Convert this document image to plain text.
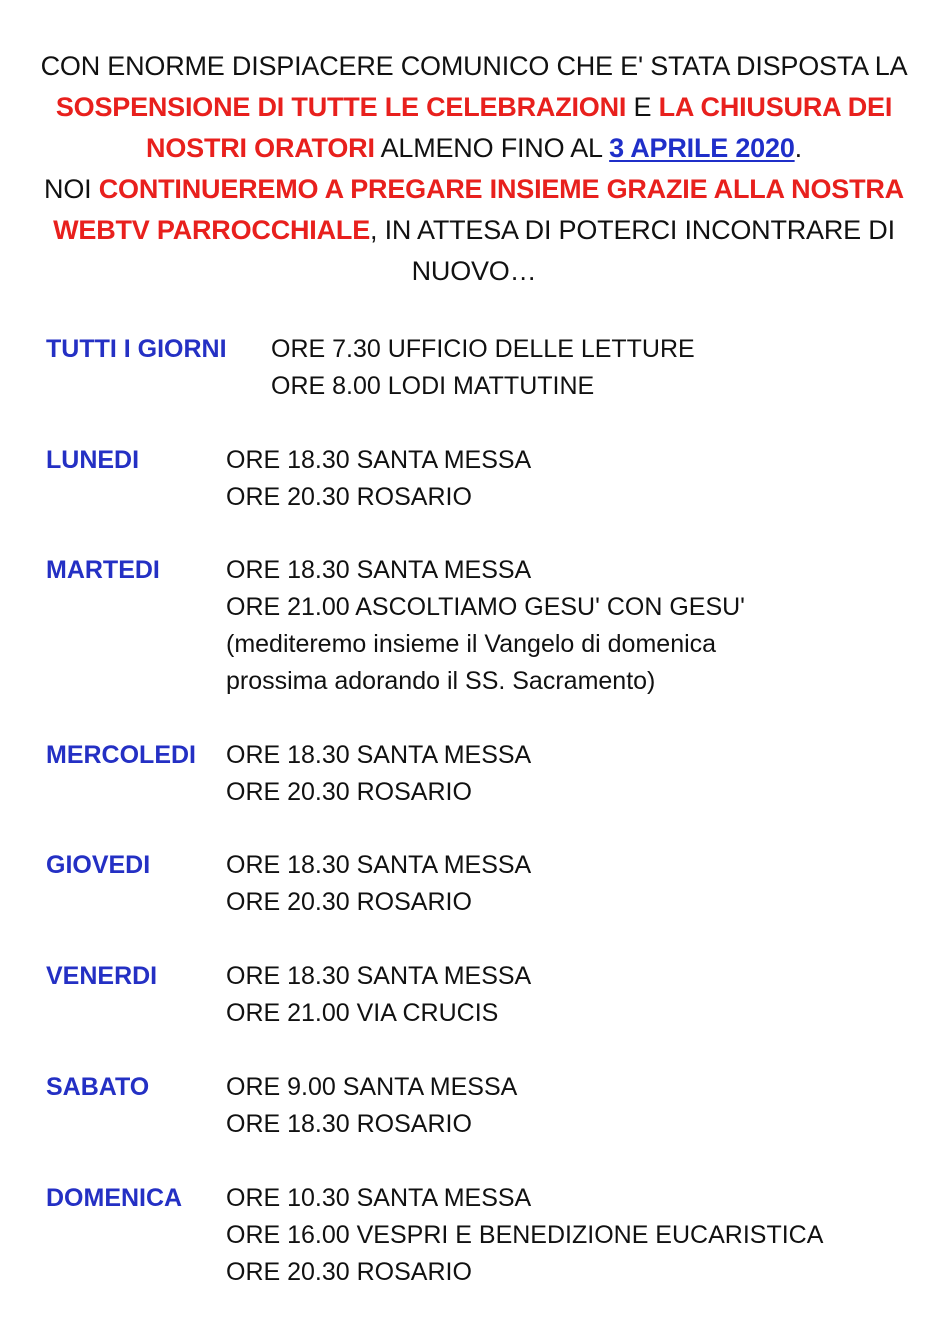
CON ENORME DISPIACERE COMUNICO CHE E' STATA DISPOSTA LA SOSPENSIONE DI TUTTE LE CELEBRAZIONI E LA CHIUSURA DEI NOSTRI ORATORI ALMENO FINO AL 3 APRILE 2020.
NOI CONTINUEREMO A PREGARE INSIEME GRAZIE ALLA NOSTRA WEBTV PARROCCHIALE, IN ATTESA DI POTERCI INCONTRARE DI NUOVO…
TUTTI I GIORNI ORE 7.30 UFFICIO DELLE LETTURE
ORE 8.00 LODI MATTUTINE
LUNEDI	ORE 18.30 SANTA MESSA
ORE 20.30 ROSARIO
MARTEDI	ORE 18.30 SANTA MESSA
ORE 21.00 ASCOLTIAMO GESU' CON GESU'
(mediteremo insieme il Vangelo di domenica
prossima adorando il SS. Sacramento)
MERCOLEDI ORE 18.30 SANTA MESSA
ORE 20.30 ROSARIO
GIOVEDI	ORE 18.30 SANTA MESSA
ORE 20.30 ROSARIO
VENERDI	ORE 18.30 SANTA MESSA
ORE 21.00 VIA CRUCIS
SABATO	ORE 9.00 SANTA MESSA
ORE 18.30 ROSARIO
DOMENICA ORE 10.30 SANTA MESSA
ORE 16.00 VESPRI E BENEDIZIONE EUCARISTICA
ORE 20.30 ROSARIO
